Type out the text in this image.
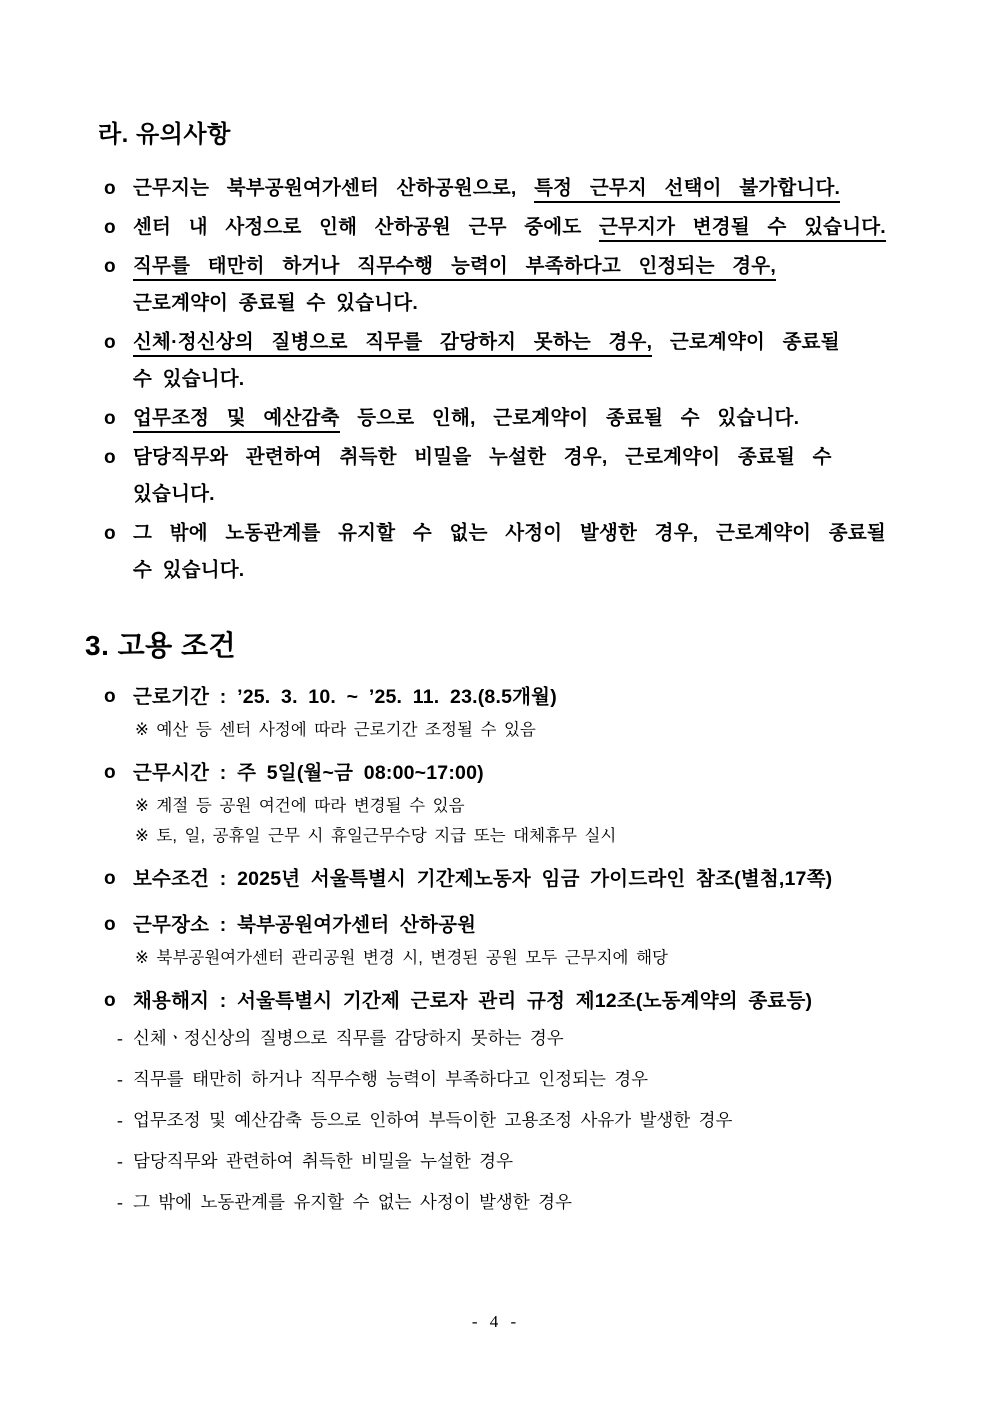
라. 유의사항
o 근무지는 북부공원여가센터 산하공원으로, 특정 근무지 선택이 불가합니다.
o 센터 내 사정으로 인해 산하공원 근무 중에도 근무지가 변경될 수 있습니다.
o 직무를 태만히 하거나 직무수행 능력이 부족하다고 인정되는 경우,
근로계약이 종료될 수 있습니다.
o 신체·정신상의 질병으로 직무를 감당하지 못하는 경우, 근로계약이 종료될
수 있습니다.
o 업무조정 및 예산감축 등으로 인해, 근로계약이 종료될 수 있습니다.
o 담당직무와 관련하여 취득한 비밀을 누설한 경우, 근로계약이 종료될 수
있습니다.
o 그 밖에 노동관계를 유지할 수 없는 사정이 발생한 경우, 근로계약이 종료될
수 있습니다.
3. 고용 조건
o 근로기간 : ’25. 3. 10. ~ ’25. 11. 23.(8.5개월)
※ 예산 등 센터 사정에 따라 근로기간 조정될 수 있음
o 근무시간 : 주 5일(월~금 08:00~17:00)
※ 계절 등 공원 여건에 따라 변경될 수 있음
※ 토, 일, 공휴일 근무 시 휴일근무수당 지급 또는 대체휴무 실시
o 보수조건 : 2025년 서울특별시 기간제노동자 임금 가이드라인 참조(별첨,17쪽)
o 근무장소 : 북부공원여가센터 산하공원
※ 북부공원여가센터 관리공원 변경 시, 변경된 공원 모두 근무지에 해당
o 채용해지 : 서울특별시 기간제 근로자 관리 규정 제12조(노동계약의 종료등)
- 신체ㆍ정신상의 질병으로 직무를 감당하지 못하는 경우
- 직무를 태만히 하거나 직무수행 능력이 부족하다고 인정되는 경우
- 업무조정 및 예산감축 등으로 인하여 부득이한 고용조정 사유가 발생한 경우
- 담당직무와 관련하여 취득한 비밀을 누설한 경우
- 그 밖에 노동관계를 유지할 수 없는 사정이 발생한 경우
- 4 -
